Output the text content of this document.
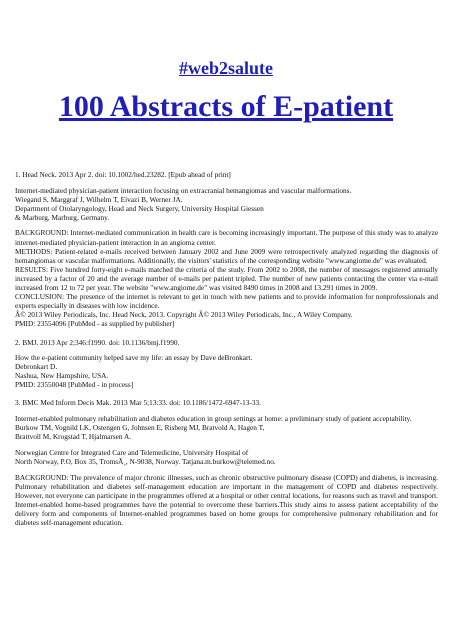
#web2salute
100 Abstracts of E-patient

1. Head Neck. 2013 Apr 2. doi: 10.1002/hed.23282. [Epub ahead of print]

Internet-mediated physician-patient interaction focusing on extracranial hemangiomas and vascular malformations.
Wiegand S, Marggraf J, Wilhelm T, Eivazi B, Werner JA.
Department of Otolaryngology, Head and Neck Surgery, University Hospital Giessen
& Marburg, Marburg, Germany.

BACKGROUND: Internet-mediated communication in health care is becoming increasingly important. The purpose of this study was to analyze internet-mediated physician-patient interaction in an angioma center.
METHODS: Patient-related e-mails received between January 2002 and June 2009 were retrospectively analyzed regarding the diagnosis of hemangiomas or vascular malformations. Additionally, the visitors' statistics of the corresponding website "www.angiome.de" was evaluated.
RESULTS: Five hundred forty-eight e-mails matched the criteria of the study. From 2002 to 2008, the number of messages registered annually increased by a factor of 20 and the average number of e-mails per patient tripled. The number of new patients contacting the center via e-mail increased from 12 to 72 per year. The website "www.angiome.de" was visited 8490 times in 2008 and 13,291 times in 2009.
CONCLUSION: The presence of the internet is relevant to get in touch with new patients and to provide information for nonprofessionals and experts especially in diseases with low incidence.
Â© 2013 Wiley Periodicals, Inc. Head Neck, 2013. Copyright Â© 2013 Wiley Periodicals, Inc., A Wiley Company.
PMID: 23554096 [PubMed - as supplied by publisher]

2. BMJ. 2013 Apr 2;346:f1990. doi: 10.1136/bmj.f1990.

How the e-patient community helped save my life: an essay by Dave deBronkart.
Debronkart D.
Nashua, New Hampshire, USA.
PMID: 23550048 [PubMed - in process]

3. BMC Med Inform Decis Mak. 2013 Mar 5;13:33. doi: 10.1186/1472-6947-13-33.

Internet-enabled pulmonary rehabilitation and diabetes education in group settings at home: a preliminary study of patient acceptability.
Burkow TM, Vognild LK, Ostengen G, Johnsen E, Risberg MJ, Bratvold A, Hagen T,
Brattvoll M, Krogstad T, Hjalmarsen A.

Norwegian Centre for Integrated Care and Telemedicine, University Hospital of
North Norway, P.O, Box 35, TromsÃ¸, N-9038, Norway. Tatjana.m.burkow@telemed.no.

BACKGROUND: The prevalence of major chronic illnesses, such as chronic obstructive pulmonary disease (COPD) and diabetes, is increasing. Pulmonary rehabilitation and diabetes self-management education are important in the management of COPD and diabetes respectively. However, not everyone can participate in the programmes offered at a hospital or other central locations, for reasons such as travel and transport. Internet-enabled home-based programmes have the potential to overcome these barriers.This study aims to assess patient acceptability of the delivery form and components of Internet-enabled programmes based on home groups for comprehensive pulmonary rehabilitation and for diabetes self-management education.
